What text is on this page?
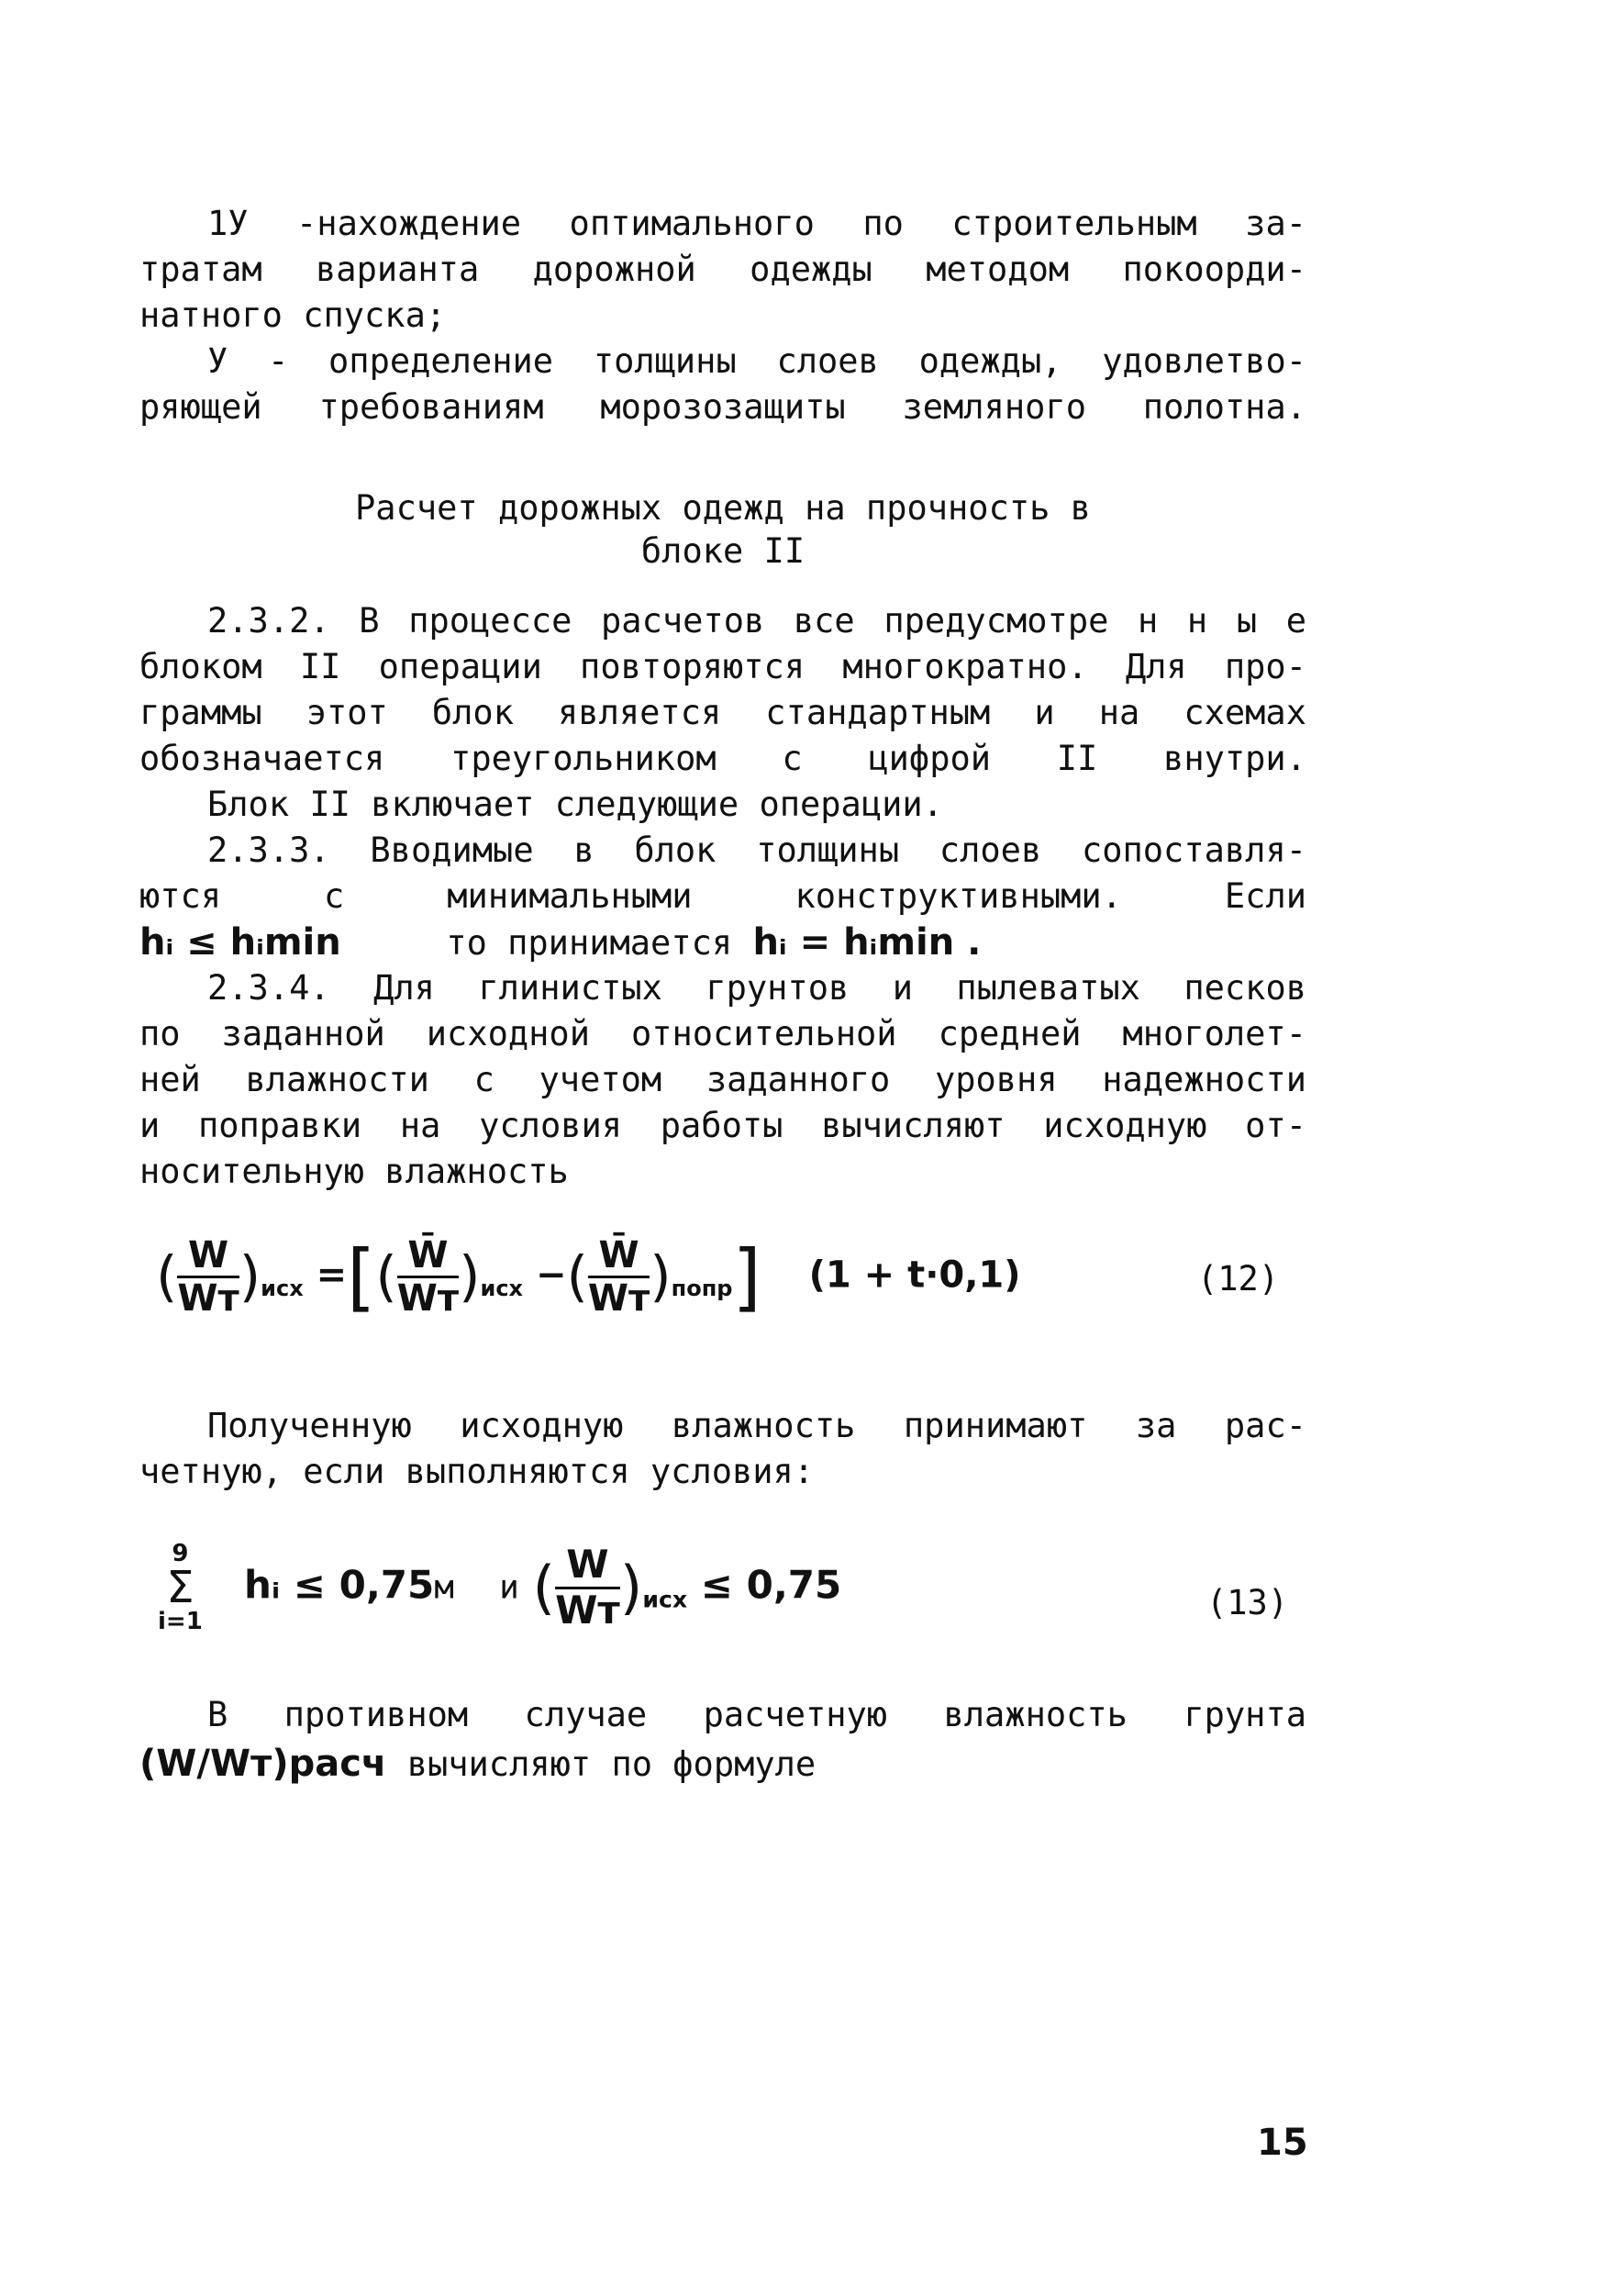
1У -нахождение оптимального по строительным за-
тратам варианта дорожной одежды методом покоорди-
натного спуска;
У - определение толщины слоев одежды, удовлетво-
ряющей требованиям морозозащиты земляного полотна.
Расчет дорожных одежд на прочность в
блоке II
2.3.2. В процессе расчетов все предусмотре н н ы е
блоком II операции повторяются многократно. Для про-
граммы этот блок является стандартным и на схемах
обозначается треугольником с цифрой II внутри.
Блок II включает следующие операции.
2.3.3. Вводимые в блок толщины слоев сопоставля-
ются с минимальными конструктивными. Если
hᵢ ≤ hᵢmin	то принимается hᵢ = hᵢmin .
2.3.4. Для глинистых грунтов и пылеватых песков
по заданной исходной относительной средней многолет-
ней влажности с учетом заданного уровня надежности
и поправки на условия работы вычисляют исходную от-
носительную влажность
( $\frac{W}{Wт} )_{исх}$ =[( $\frac{W̄}{Wт} )_{исх}$ −( $\frac{W̄}{Wт} )_{попр}$] (1 + t·0,1)	(12)
Полученную исходную влажность принимают за рас-
четную, если выполняются условия:
9
Σ
i=1
hᵢ ≤ 0,75м и ( $\frac{W}{Wт} )_{исх} \le 0,75$	(13)
В противном случае расчетную влажность грунта
(W/Wт)расч вычисляют по формуле
15
